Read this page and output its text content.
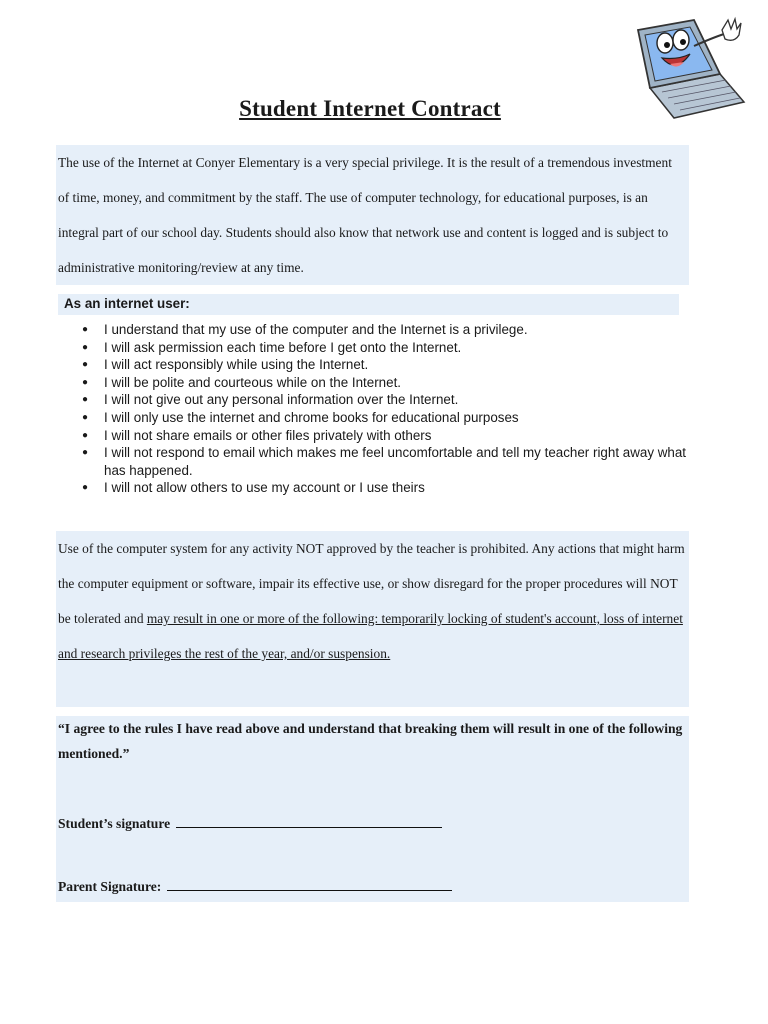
Student Internet Contract

The use of the Internet at Conyer Elementary is a very special privilege. It is the result of a tremendous investment of time, money, and commitment by the staff. The use of computer technology, for educational purposes, is an integral part of our school day. Students should also know that network use and content is logged and is subject to administrative monitoring/review at any time.

As an internet user:
● I understand that my use of the computer and the Internet is a privilege.
● I will ask permission each time before I get onto the Internet.
● I will act responsibly while using the Internet.
● I will be polite and courteous while on the Internet.
● I will not give out any personal information over the Internet.
● I will only use the internet and chrome books for educational purposes
● I will not share emails or other files privately with others
● I will not respond to email which makes me feel uncomfortable and tell my teacher right away what has happened.
● I will not allow others to use my account or I use theirs

Use of the computer system for any activity NOT approved by the teacher is prohibited. Any actions that might harm the computer equipment or software, impair its effective use, or show disregard for the proper procedures will NOT be tolerated and may result in one or more of the following: temporarily locking of student's account, loss of internet and research privileges the rest of the year, and/or suspension.

“I agree to the rules I have read above and understand that breaking them will result in one of the following mentioned.”
Student’s signature
Parent Signature:
